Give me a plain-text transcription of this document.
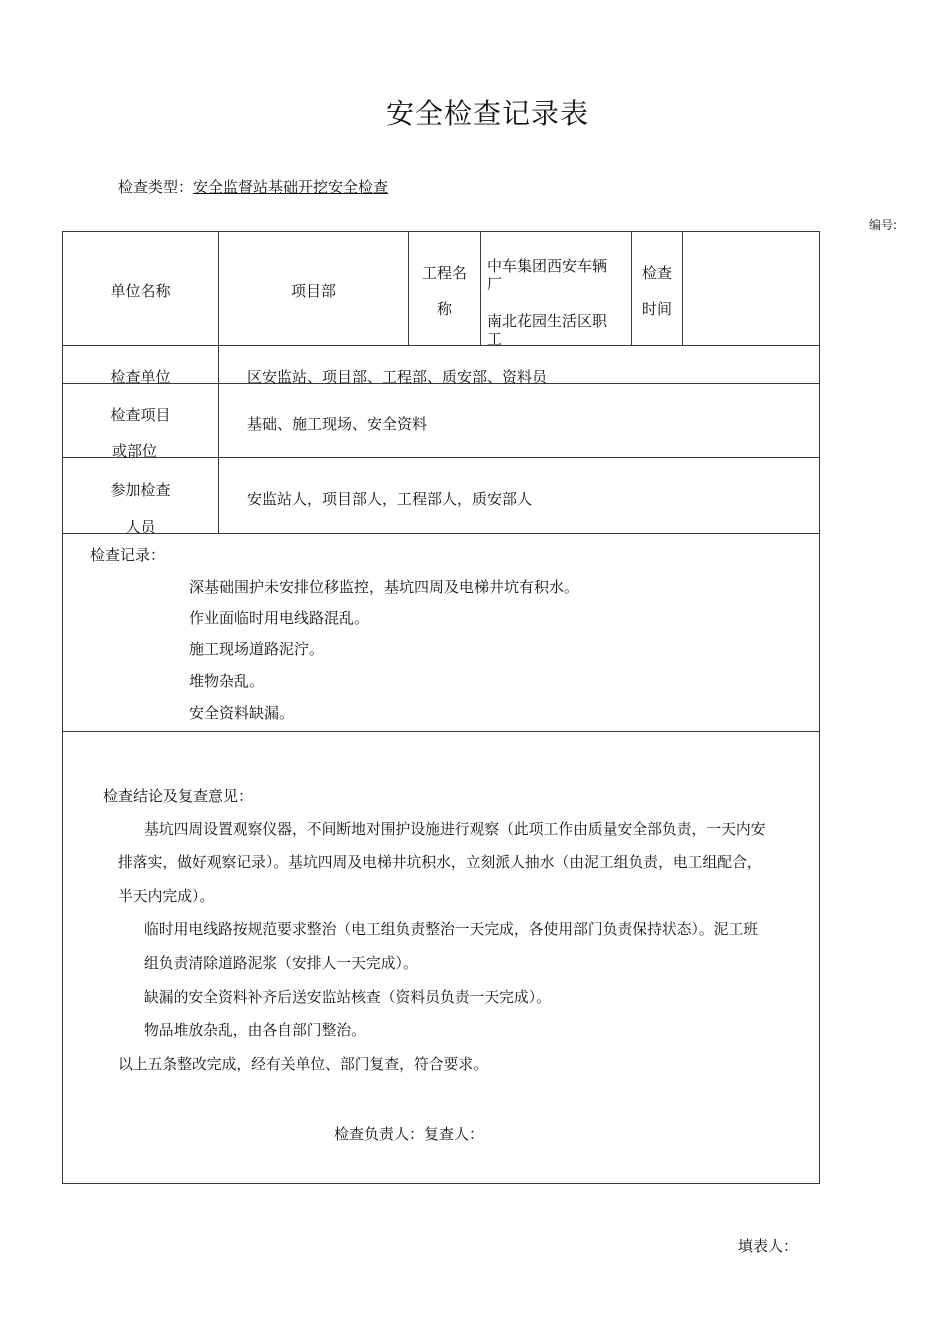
安全检查记录表
检查类型：安全监督站基础开挖安全检查
编号:
单位名称	项目部
工程名
称
中车集团西安车辆
厂
南北花园生活区职
工
检查
时间
检查单位	区安监站、项目部、工程部、质安部、资料员
检查项目
或部位
基础、施工现场、安全资料
参加检查
人员
安监站人，项目部人，工程部人，质安部人
检查记录：
深基础围护未安排位移监控，基坑四周及电梯井坑有积水。
作业面临时用电线路混乱。
施工现场道路泥泞。
堆物杂乱。
安全资料缺漏。
检查结论及复查意见：
基坑四周设置观察仪器，不间断地对围护设施进行观察（此项工作由质量安全部负责，一天内安
排落实，做好观察记录）。基坑四周及电梯井坑积水，立刻派人抽水（由泥工组负责，电工组配合，
半天内完成）。
临时用电线路按规范要求整治（电工组负责整治一天完成，各使用部门负责保持状态）。泥工班
组负责清除道路泥浆（安排人一天完成）。
缺漏的安全资料补齐后送安监站核查（资料员负责一天完成）。
物品堆放杂乱，由各自部门整治。
以上五条整改完成，经有关单位、部门复查，符合要求。
检查负责人：复查人：
填表人：
